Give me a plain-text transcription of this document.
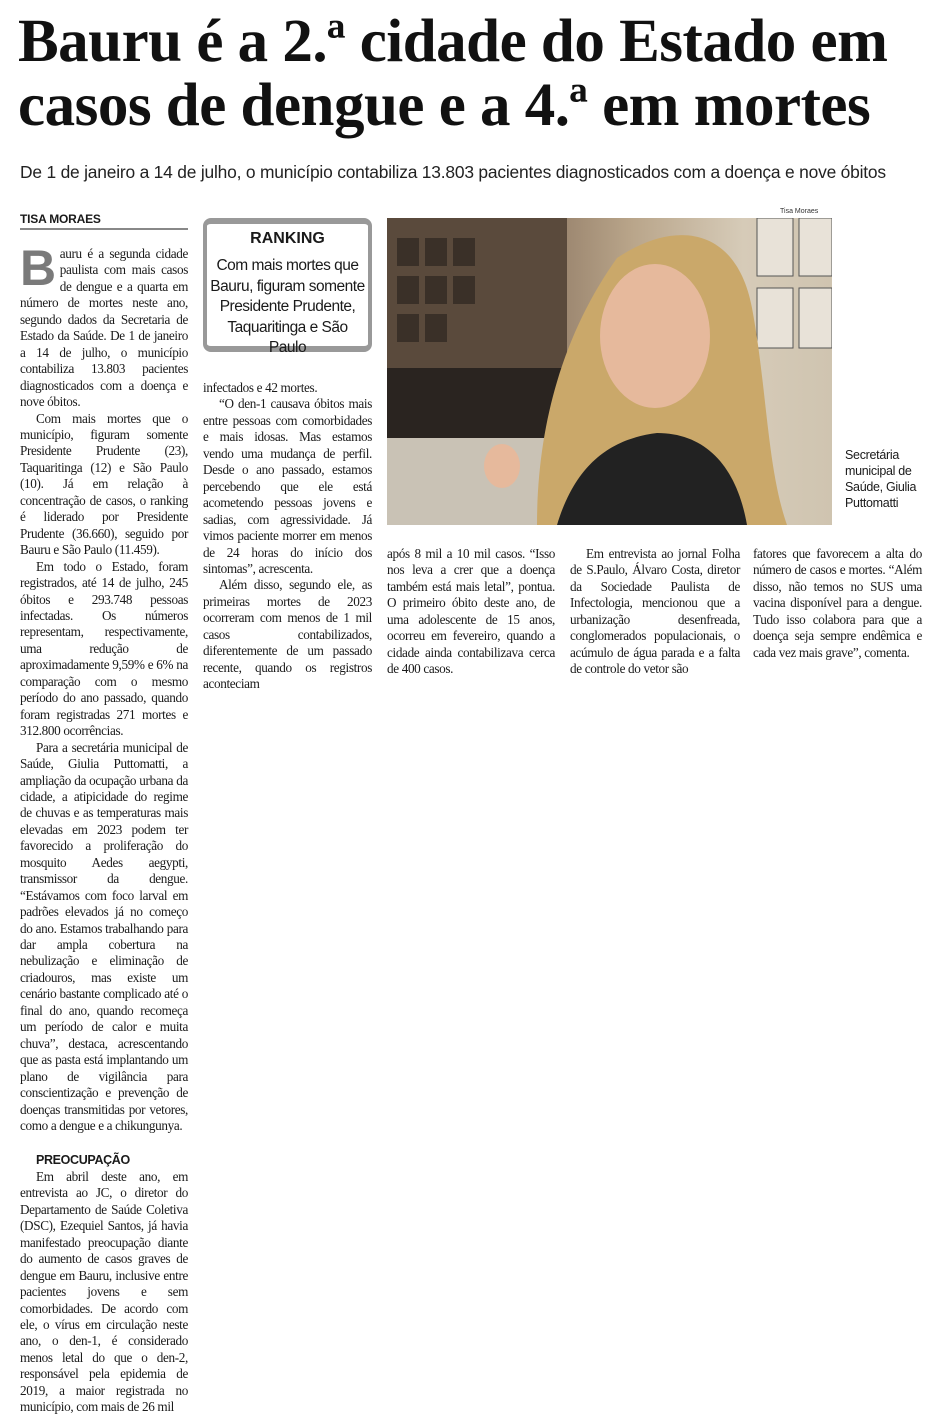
Bauru é a 2.ª cidade do Estado em casos de dengue e a 4.ª em mortes
De 1 de janeiro a 14 de julho, o município contabiliza 13.803 pacientes diagnosticados com a doença e nove óbitos
TISA MORAES

Bauru é a segunda cidade paulista com mais casos de dengue e a quarta em número de mortes neste ano, segundo dados da Secretaria de Estado da Saúde. De 1 de janeiro a 14 de julho, o município contabiliza 13.803 pacientes diagnosticados com a doença e nove óbitos.

Com mais mortes que o município, figuram somente Presidente Prudente (23), Taquaritinga (12) e São Paulo (10). Já em relação à concentração de casos, o ranking é liderado por Presidente Prudente (36.660), seguido por Bauru e São Paulo (11.459).

Em todo o Estado, foram registrados, até 14 de julho, 245 óbitos e 293.748 pessoas infectadas. Os números representam, respectivamente, uma redução de aproximadamente 9,59% e 6% na comparação com o mesmo período do ano passado, quando foram registradas 271 mortes e 312.800 ocorrências.

Para a secretária municipal de Saúde, Giulia Puttomatti, a ampliação da ocupação urbana da cidade, a atipicidade do regime de chuvas e as temperaturas mais elevadas em 2023 podem ter favorecido a proliferação do mosquito Aedes aegypti, transmissor da dengue. “Estávamos com foco larval em padrões elevados já no começo do ano. Estamos trabalhando para dar ampla cobertura na nebulização e eliminação de criadouros, mas existe um cenário bastante complicado até o final do ano, quando recomeça um período de calor e muita chuva”, destaca, acrescentando que as pasta está implantando um plano de vigilância para conscientização e prevenção de doenças transmitidas por vetores, como a dengue e a chikungunya.

PREOCUPAÇÃO

Em abril deste ano, em entrevista ao JC, o diretor do Departamento de Saúde Coletiva (DSC), Ezequiel Santos, já havia manifestado preocupação diante do aumento de casos graves de dengue em Bauru, inclusive entre pacientes jovens e sem comorbidades. De acordo com ele, o vírus em circulação neste ano, o den-1, é considerado menos letal do que o den-2, responsável pela epidemia de 2019, a maior registrada no município, com mais de 26 mil

RANKING
Com mais mortes que Bauru, figuram somente Presidente Prudente, Taquaritinga e São Paulo

infectados e 42 mortes.

“O den-1 causava óbitos mais entre pessoas com comorbidades e mais idosas. Mas estamos vendo uma mudança de perfil. Desde o ano passado, estamos percebendo que ele está acometendo pessoas jovens e sadias, com agressividade. Já vimos paciente morrer em menos de 24 horas do início dos sintomas”, acrescenta.

Além disso, segundo ele, as primeiras mortes de 2023 ocorreram com menos de 1 mil casos contabilizados, diferentemente de um passado recente, quando os registros aconteciam

Tisa Moraes
Secretária municipal de Saúde, Giulia Puttomatti

após 8 mil a 10 mil casos. “Isso nos leva a crer que a doença também está mais letal”, pontua. O primeiro óbito deste ano, de uma adolescente de 15 anos, ocorreu em fevereiro, quando a cidade ainda contabilizava cerca de 400 casos.

Em entrevista ao jornal Folha de S.Paulo, Álvaro Costa, diretor da Sociedade Paulista de Infectologia, mencionou que a urbanização desenfreada, conglomerados populacionais, o acúmulo de água parada e a falta de controle do vetor são

fatores que favorecem a alta do número de casos e mortes. “Além disso, não temos no SUS uma vacina disponível para a dengue. Tudo isso colabora para que a doença seja sempre endêmica e cada vez mais grave”, comenta.
